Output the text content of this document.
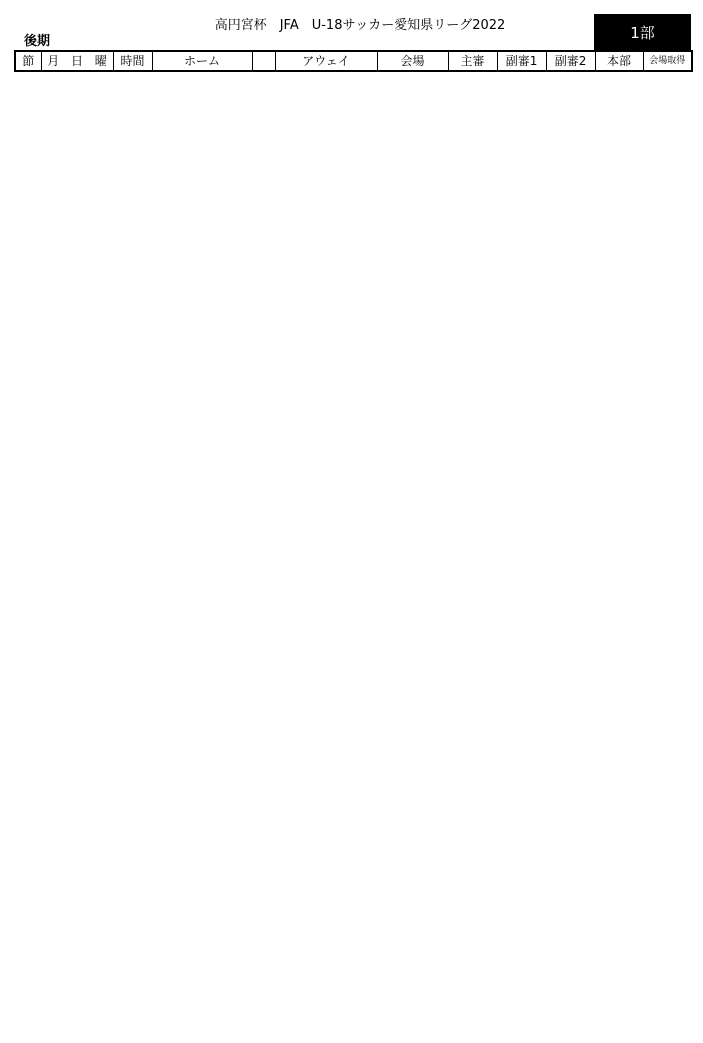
高円宮杯　JFA　U-18サッカー愛知県リーグ2022
後期	1部
節	月	日	曜	時間	ホーム		アウェイ	会場	主審	副審1	副審2	本部	会場取得
